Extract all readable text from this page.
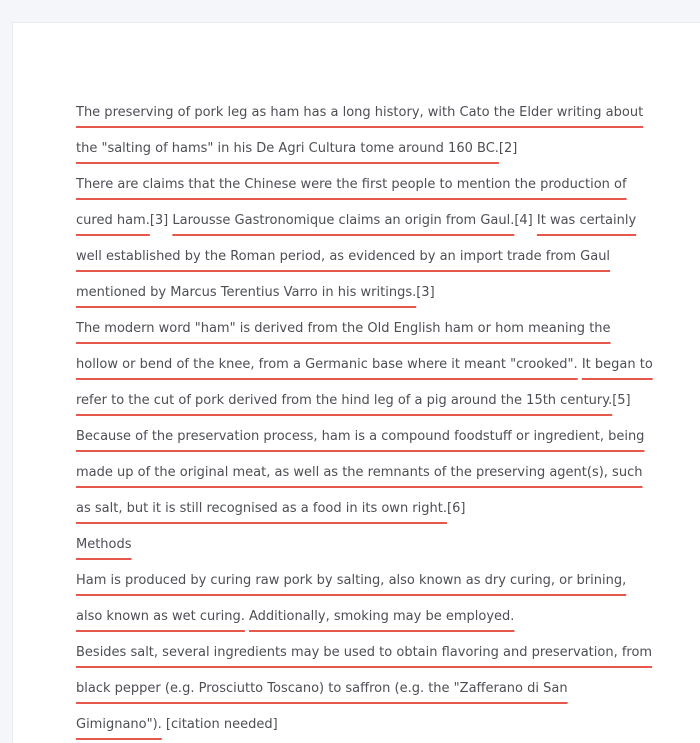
The preserving of pork leg as ham has a long history, with Cato the Elder writing about the "salting of hams" in his De Agri Cultura tome around 160 BC.[2]

There are claims that the Chinese were the first people to mention the production of cured ham.[3] Larousse Gastronomique claims an origin from Gaul.[4] It was certainly well established by the Roman period, as evidenced by an import trade from Gaul mentioned by Marcus Terentius Varro in his writings.[3]

The modern word "ham" is derived from the Old English ham or hom meaning the hollow or bend of the knee, from a Germanic base where it meant "crooked". It began to refer to the cut of pork derived from the hind leg of a pig around the 15th century.[5]

Because of the preservation process, ham is a compound foodstuff or ingredient, being made up of the original meat, as well as the remnants of the preserving agent(s), such as salt, but it is still recognised as a food in its own right.[6]

Methods

Ham is produced by curing raw pork by salting, also known as dry curing, or brining, also known as wet curing. Additionally, smoking may be employed.

Besides salt, several ingredients may be used to obtain flavoring and preservation, from black pepper (e.g. Prosciutto Toscano) to saffron (e.g. the "Zafferano di San Gimignano"). [citation needed]
